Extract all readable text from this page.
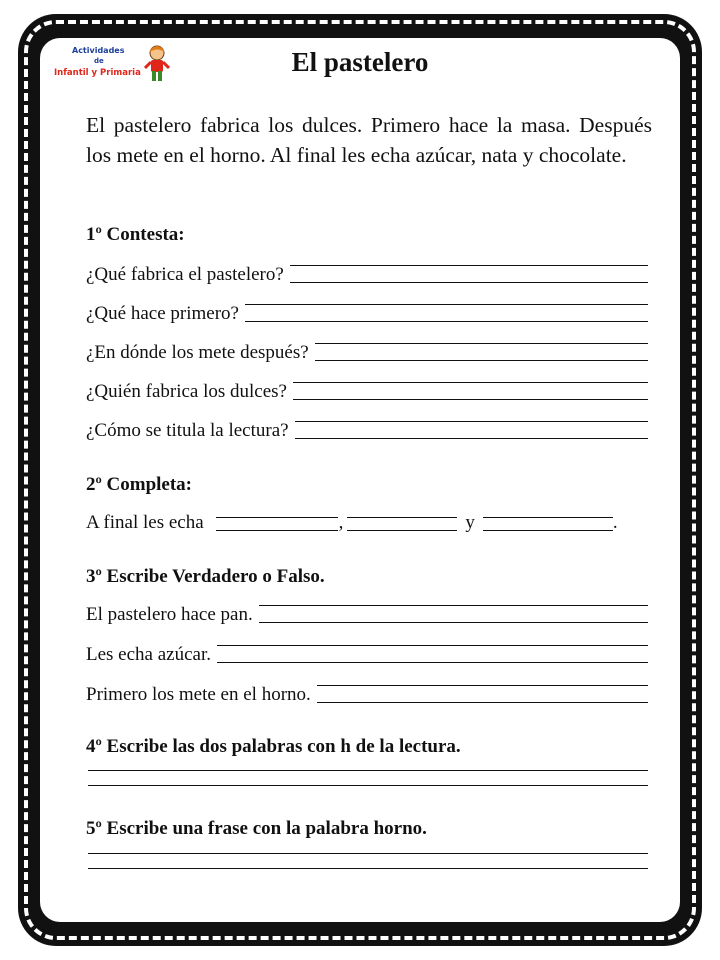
Actividades
de
Infantil y Primaria	El pastelero

El pastelero fabrica los dulces. Primero hace la masa. Después los mete en el horno. Al final les echa azúcar, nata y chocolate.

1º Contesta:
¿Qué fabrica el pastelero?
¿Qué hace primero?
¿En dónde los mete después?
¿Quién fabrica los dulces?
¿Cómo se titula la lectura?
2º Completa:
A final les echa	,	y	.
3º Escribe Verdadero o Falso.
El pastelero hace pan.
Les echa azúcar.
Primero los mete en el horno.
4º Escribe las dos palabras con h de la lectura.
5º Escribe una frase con la palabra horno.
